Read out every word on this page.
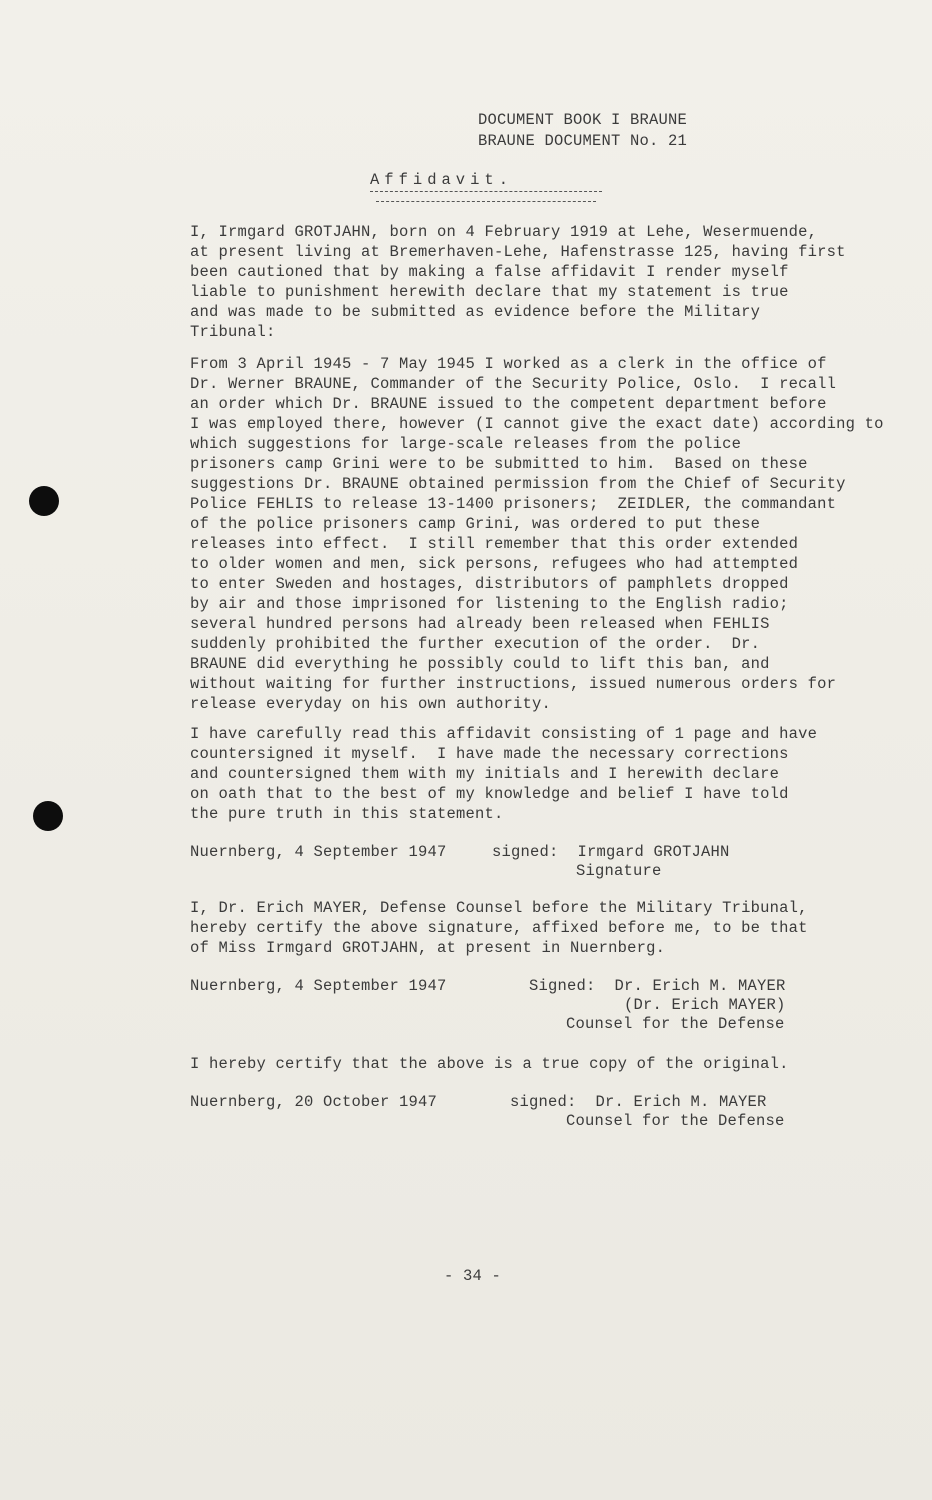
DOCUMENT BOOK I BRAUNE
BRAUNE DOCUMENT No. 21
Affidavit.
I, Irmgard GROTJAHN, born on 4 February 1919 at Lehe, Wesermuende,
at present living at Bremerhaven-Lehe, Hafenstrasse 125, having first
been cautioned that by making a false affidavit I render myself
liable to punishment herewith declare that my statement is true
and was made to be submitted as evidence before the Military
Tribunal:
From 3 April 1945 - 7 May 1945 I worked as a clerk in the office of
Dr. Werner BRAUNE, Commander of the Security Police, Oslo.  I recall
an order which Dr. BRAUNE issued to the competent department before
I was employed there, however (I cannot give the exact date) according to
which suggestions for large-scale releases from the police
prisoners camp Grini were to be submitted to him.  Based on these
suggestions Dr. BRAUNE obtained permission from the Chief of Security
Police FEHLIS to release 13-1400 prisoners;  ZEIDLER, the commandant
of the police prisoners camp Grini, was ordered to put these
releases into effect.  I still remember that this order extended
to older women and men, sick persons, refugees who had attempted
to enter Sweden and hostages, distributors of pamphlets dropped
by air and those imprisoned for listening to the English radio;
several hundred persons had already been released when FEHLIS
suddenly prohibited the further execution of the order.  Dr.
BRAUNE did everything he possibly could to lift this ban, and
without waiting for further instructions, issued numerous orders for
release everyday on his own authority.
I have carefully read this affidavit consisting of 1 page and have
countersigned it myself.  I have made the necessary corrections
and countersigned them with my initials and I herewith declare
on oath that to the best of my knowledge and belief I have told
the pure truth in this statement.
Nuernberg, 4 September 1947	signed:  Irmgard GROTJAHN
Signature
I, Dr. Erich MAYER, Defense Counsel before the Military Tribunal,
hereby certify the above signature, affixed before me, to be that
of Miss Irmgard GROTJAHN, at present in Nuernberg.
Nuernberg, 4 September 1947	Signed:  Dr. Erich M. MAYER
(Dr. Erich MAYER)
Counsel for the Defense
I hereby certify that the above is a true copy of the original.
Nuernberg, 20 October 1947	signed:  Dr. Erich M. MAYER
Counsel for the Defense
- 34 -
